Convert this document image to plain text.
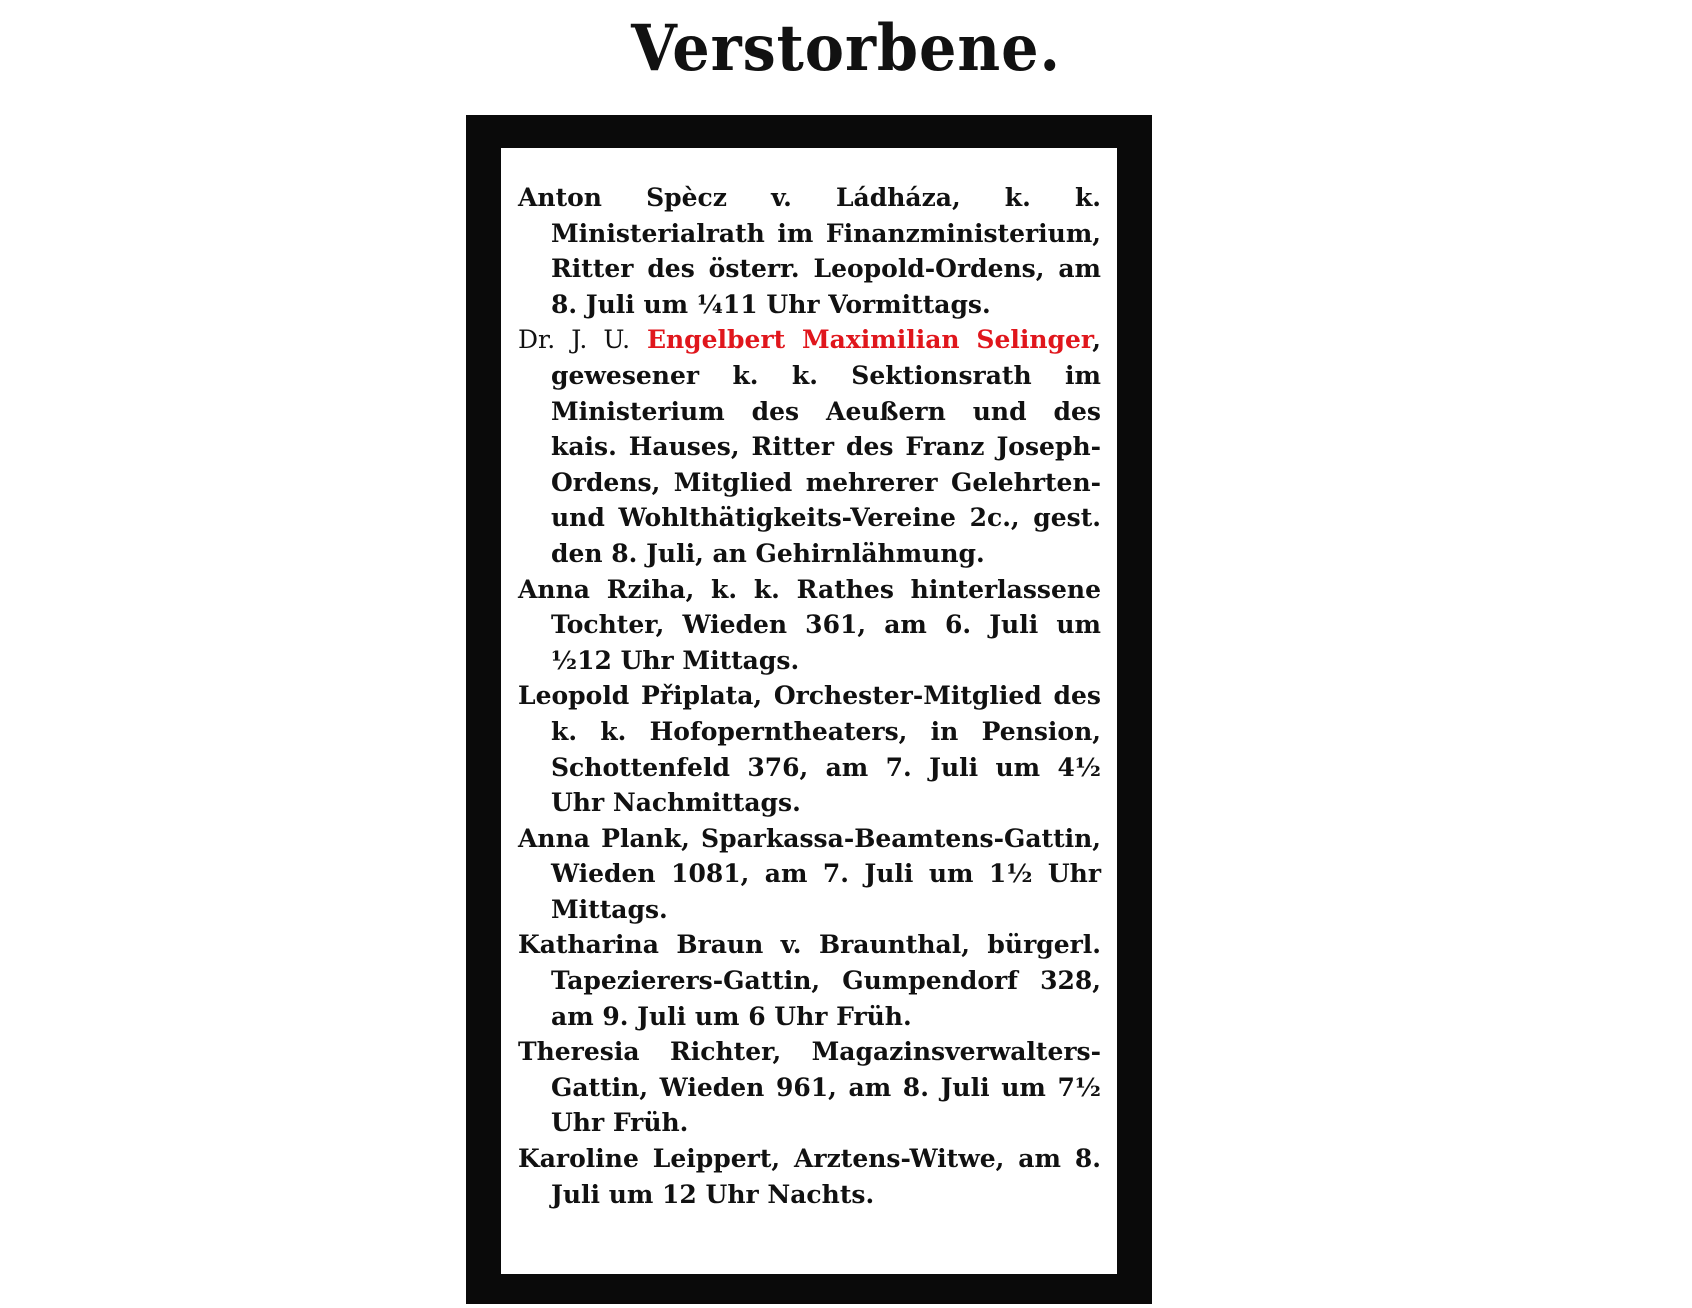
Verstorbene.

Anton Spècz v. Ládháza, k. k. Ministerialrath im Finanzministerium, Ritter des österr. Leopold-Ordens, am 8. Juli um ¼11 Uhr Vormittags.

Dr. J. U. Engelbert Maximilian Selinger, gewesener k. k. Sektionsrath im Ministerium des Aeußern und des kais. Hauses, Ritter des Franz Joseph-Ordens, Mitglied mehrerer Gelehrten- und Wohlthätigkeits-Vereine 2c., gest. den 8. Juli, an Gehirnlähmung.

Anna Rziha, k. k. Rathes hinterlassene Tochter, Wieden 361, am 6. Juli um ½12 Uhr Mittags.

Leopold Připlata, Orchester-Mitglied des k. k. Hofoperntheaters, in Pension, Schottenfeld 376, am 7. Juli um 4½ Uhr Nachmittags.

Anna Plank, Sparkassa-Beamtens-Gattin, Wieden 1081, am 7. Juli um 1½ Uhr Mittags.

Katharina Braun v. Braunthal, bürgerl. Tapezierers-Gattin, Gumpendorf 328, am 9. Juli um 6 Uhr Früh.

Theresia Richter, Magazinsverwalters-Gattin, Wieden 961, am 8. Juli um 7½ Uhr Früh.

Karoline Leippert, Arztens-Witwe, am 8. Juli um 12 Uhr Nachts.
